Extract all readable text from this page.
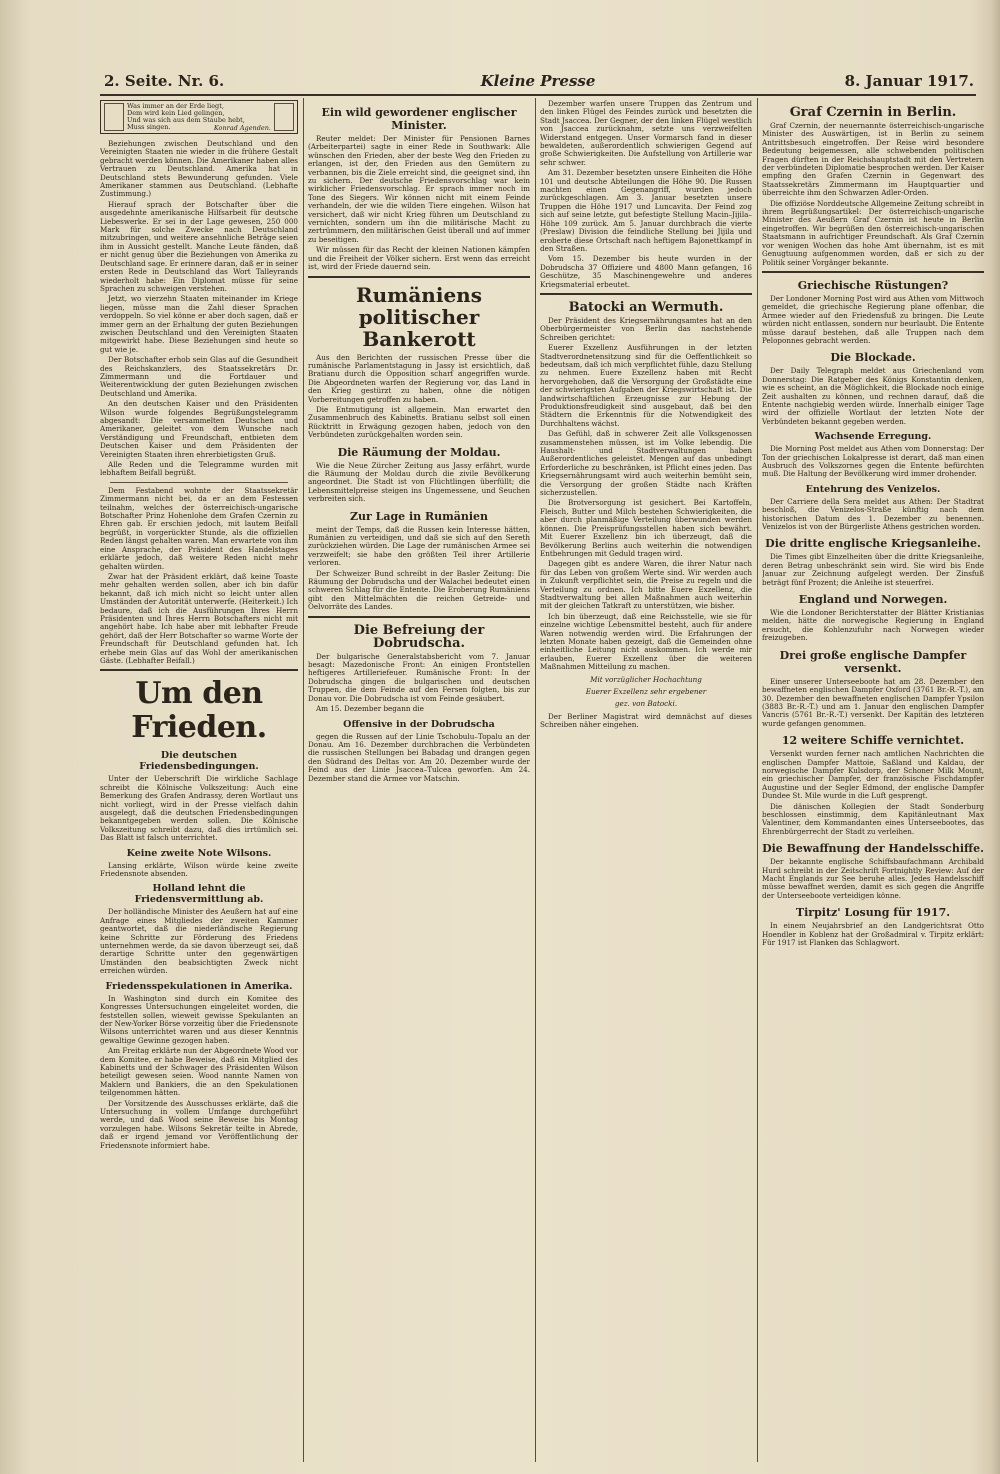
2. Seite. Nr. 6.	Kleine Presse	8. Januar 1917.
Was immer an der Erde liegt,
Dem wird kein Lied gelingen,
Und was sich aus dem Staube hebt,
Muss singen.	Konrad Agenden.

Beziehungen zwischen Deutschland und den Vereinigten Staaten nie wieder in die frühere Gestalt gebracht werden können. Die Amerikaner haben alles Vertrauen zu Deutschland. Amerika hat in Deutschland stets Bewunderung gefunden. Viele Amerikaner stammen aus Deutschland. (Lebhafte Zustimmung.)

Hierauf sprach der Botschafter über die ausgedehnte amerikanische Hilfsarbeit für deutsche Liebeswerke. Er sei in der Lage gewesen, 250 000 Mark für solche Zwecke nach Deutschland mitzubringen, und weitere ansehnliche Beträge seien ihm in Aussicht gestellt. Manche Leute fänden, daß er nicht genug über die Beziehungen von Amerika zu Deutschland sage. Er erinnere daran, daß er in seiner ersten Rede in Deutschland das Wort Talleyrands wiederholt habe: Ein Diplomat müsse für seine Sprachen zu schweigen verstehen.

Jetzt, wo vierzehn Staaten miteinander im Kriege liegen, müsse man die Zahl dieser Sprachen verdoppeln. So viel könne er aber doch sagen, daß er immer gern an der Erhaltung der guten Beziehungen zwischen Deutschland und den Vereinigten Staaten mitgewirkt habe. Diese Beziehungen sind heute so gut wie je.

Der Botschafter erhob sein Glas auf die Gesundheit des Reichskanzlers, des Staatssekretärs Dr. Zimmermann und die Fortdauer und Weiterentwicklung der guten Beziehungen zwischen Deutschland und Amerika.

An den deutschen Kaiser und den Präsidenten Wilson wurde folgendes Begrüßungstelegramm abgesandt: Die versammelten Deutschen und Amerikaner, geleitet von dem Wunsche nach Verständigung und Freundschaft, entbieten dem Deutschen Kaiser und dem Präsidenten der Vereinigten Staaten ihren ehrerbietigsten Gruß.

Alle Reden und die Telegramme wurden mit lebhaftem Beifall begrüßt.

Dem Festabend wohnte der Staatssekretär Zimmermann nicht bei, da er an dem Festessen teilnahm, welches der österreichisch-ungarische Botschafter Prinz Hohenlohe dem Grafen Czernin zu Ehren gab. Er erschien jedoch, mit lautem Beifall begrüßt, in vorgerückter Stunde, als die offiziellen Reden längst gehalten waren. Man erwartete von ihm eine Ansprache, der Präsident des Handelstages erklärte jedoch, daß weitere Reden nicht mehr gehalten würden.

Zwar hat der Präsident erklärt, daß keine Toaste mehr gehalten werden sollen, aber ich bin dafür bekannt, daß ich mich nicht so leicht unter allen Umständen der Autorität unterwerfe. (Heiterkeit.) Ich bedaure, daß ich die Ausführungen Ihres Herrn Präsidenten und Ihres Herrn Botschafters nicht mit angehört habe. Ich habe aber mit lebhafter Freude gehört, daß der Herr Botschafter so warme Worte der Freundschaft für Deutschland gefunden hat. Ich erhebe mein Glas auf das Wohl der amerikanischen Gäste. (Lebhafter Beifall.)

Um den Frieden.
Die deutschen Friedensbedingungen.

Unter der Ueberschrift Die wirkliche Sachlage schreibt die Kölnische Volkszeitung: Auch eine Bemerkung des Grafen Andrassy, deren Wortlaut uns nicht vorliegt, wird in der Presse vielfach dahin ausgelegt, daß die deutschen Friedensbedingungen bekanntgegeben werden sollen. Die Kölnische Volkszeitung schreibt dazu, daß dies irrtümlich sei. Das Blatt ist falsch unterrichtet.

Keine zweite Note Wilsons.

Lansing erklärte, Wilson würde keine zweite Friedensnote absenden.

Holland lehnt die Friedensvermittlung ab.

Der holländische Minister des Aeußern hat auf eine Anfrage eines Mitgliedes der zweiten Kammer geantwortet, daß die niederländische Regierung keine Schritte zur Förderung des Friedens unternehmen werde, da sie davon überzeugt sei, daß derartige Schritte unter den gegenwärtigen Umständen den beabsichtigten Zweck nicht erreichen würden.

Friedensspekulationen in Amerika.

In Washington sind durch ein Komitee des Kongresses Untersuchungen eingeleitet worden, die feststellen sollen, wieweit gewisse Spekulanten an der New-Yorker Börse vorzeitig über die Friedensnote Wilsons unterrichtet waren und aus dieser Kenntnis gewaltige Gewinne gezogen haben.

Am Freitag erklärte nun der Abgeordnete Wood vor dem Komitee, er habe Beweise, daß ein Mitglied des Kabinetts und der Schwager des Präsidenten Wilson beteiligt gewesen seien. Wood nannte Namen von Maklern und Bankiers, die an den Spekulationen teilgenommen hätten.

Der Vorsitzende des Ausschusses erklärte, daß die Untersuchung in vollem Umfange durchgeführt werde, und daß Wood seine Beweise bis Montag vorzulegen habe. Wilsons Sekretär teilte in Abrede, daß er irgend jemand vor Veröffentlichung der Friedensnote informiert habe.

Ein wild gewordener englischer Minister.

Reuter meldet: Der Minister für Pensionen Barnes (Arbeiterpartei) sagte in einer Rede in Southwark: Alle wünschen den Frieden, aber der beste Weg den Frieden zu erlangen, ist der, den Frieden aus den Gemütern zu verbannen, bis die Ziele erreicht sind, die geeignet sind, ihn zu sichern. Der deutsche Friedensvorschlag war kein wirklicher Friedensvorschlag. Er sprach immer noch im Tone des Siegers. Wir können nicht mit einem Feinde verhandeln, der wie die wilden Tiere eingehen. Wilson hat versichert, daß wir nicht Krieg führen um Deutschland zu vernichten, sondern um ihn die militärische Macht zu zertrümmern, den militärischen Geist überall und auf immer zu beseitigen.

Wir müssen für das Recht der kleinen Nationen kämpfen und die Freiheit der Völker sichern. Erst wenn das erreicht ist, wird der Friede dauernd sein.

Rumäniens politischer Bankerott

Aus den Berichten der russischen Presse über die rumänische Parlamentstagung in Jassy ist ersichtlich, daß Bratianu durch die Opposition scharf angegriffen wurde. Die Abgeordneten warfen der Regierung vor, das Land in den Krieg gestürzt zu haben, ohne die nötigen Vorbereitungen getroffen zu haben.

Die Entmutigung ist allgemein. Man erwartet den Zusammenbruch des Kabinetts. Bratianu selbst soll einen Rücktritt in Erwägung gezogen haben, jedoch von den Verbündeten zurückgehalten worden sein.

Die Räumung der Moldau.

Wie die Neue Zürcher Zeitung aus Jassy erfährt, wurde die Räumung der Moldau durch die zivile Bevölkerung angeordnet. Die Stadt ist von Flüchtlingen überfüllt; die Lebensmittelpreise steigen ins Ungemessene, und Seuchen verbreiten sich.

Zur Lage in Rumänien

meint der Temps, daß die Russen kein Interesse hätten, Rumänien zu verteidigen, und daß sie sich auf den Sereth zurückziehen würden. Die Lage der rumänischen Armee sei verzweifelt; sie habe den größten Teil ihrer Artillerie verloren.

Der Schweizer Bund schreibt in der Basler Zeitung: Die Räumung der Dobrudscha und der Walachei bedeutet einen schweren Schlag für die Entente. Die Eroberung Rumäniens gibt den Mittelmächten die reichen Getreide- und Oelvorräte des Landes.

Die Befreiung der Dobrudscha.

Der bulgarische Generalstabsbericht vom 7. Januar besagt: Mazedonische Front: An einigen Frontstellen heftigeres Artilleriefeuer. Rumänische Front: In der Dobrudscha gingen die bulgarischen und deutschen Truppen, die dem Feinde auf den Fersen folgten, bis zur Donau vor. Die Dobrudscha ist vom Feinde gesäubert.

Am 15. Dezember begann die

Offensive in der Dobrudscha

gegen die Russen auf der Linie Tschobulu–Topalu an der Donau. Am 16. Dezember durchbrachen die Verbündeten die russischen Stellungen bei Babadag und drangen gegen den Südrand des Deltas vor. Am 20. Dezember wurde der Feind aus der Linie Jsaccea–Tulcea geworfen. Am 24. Dezember stand die Armee vor Matschin.

Dezember warfen unsere Truppen das Zentrum und den linken Flügel des Feindes zurück und besetzten die Stadt Jsaccea. Der Gegner, der den linken Flügel westlich von Jsaccea zurücknahm, setzte uns verzweifelten Widerstand entgegen. Unser Vormarsch fand in dieser bewaldeten, außerordentlich schwierigen Gegend auf große Schwierigkeiten. Die Aufstellung von Artillerie war sehr schwer.

Am 31. Dezember besetzten unsere Einheiten die Höhe 101 und deutsche Abteilungen die Höhe 90. Die Russen machten einen Gegenangriff, wurden jedoch zurückgeschlagen. Am 3. Januar besetzten unsere Truppen die Höhe 1917 und Luncavita. Der Feind zog sich auf seine letzte, gut befestigte Stellung Macin–Jijila–Höhe 109 zurück. Am 5. Januar durchbrach die vierte (Preslaw) Division die feindliche Stellung bei Jijila und eroberte diese Ortschaft nach heftigem Bajonettkampf in den Straßen.

Vom 15. Dezember bis heute wurden in der Dobrudscha 37 Offiziere und 4800 Mann gefangen, 16 Geschütze, 35 Maschinengewehre und anderes Kriegsmaterial erbeutet.

Batocki an Wermuth.

Der Präsident des Kriegsernährungsamtes hat an den Oberbürgermeister von Berlin das nachstehende Schreiben gerichtet:

Euerer Exzellenz Ausführungen in der letzten Stadtverordnetensitzung sind für die Oeffentlichkeit so bedeutsam, daß ich mich verpflichtet fühle, dazu Stellung zu nehmen. Euere Exzellenz haben mit Recht hervorgehoben, daß die Versorgung der Großstädte eine der schwierigsten Aufgaben der Kriegswirtschaft ist. Die landwirtschaftlichen Erzeugnisse zur Hebung der Produktionsfreudigkeit sind ausgebaut, daß bei den Städtern die Erkenntnis für die Notwendigkeit des Durchhaltens wächst.

Das Gefühl, daß in schwerer Zeit alle Volksgenossen zusammenstehen müssen, ist im Volke lebendig. Die Haushalt- und Stadtverwaltungen haben Außerordentliches geleistet. Mengen auf das unbedingt Erforderliche zu beschränken, ist Pflicht eines jeden. Das Kriegsernährungsamt wird auch weiterhin bemüht sein, die Versorgung der großen Städte nach Kräften sicherzustellen.

Die Brotversorgung ist gesichert. Bei Kartoffeln, Fleisch, Butter und Milch bestehen Schwierigkeiten, die aber durch planmäßige Verteilung überwunden werden können. Die Preisprüfungsstellen haben sich bewährt. Mit Euerer Exzellenz bin ich überzeugt, daß die Bevölkerung Berlins auch weiterhin die notwendigen Entbehrungen mit Geduld tragen wird.

Dagegen gibt es andere Waren, die ihrer Natur nach für das Leben von großem Werte sind. Wir werden auch in Zukunft verpflichtet sein, die Preise zu regeln und die Verteilung zu ordnen. Ich bitte Euere Exzellenz, die Stadtverwaltung bei allen Maßnahmen auch weiterhin mit der gleichen Tatkraft zu unterstützen, wie bisher.

Ich bin überzeugt, daß eine Reichsstelle, wie sie für einzelne wichtige Lebensmittel besteht, auch für andere Waren notwendig werden wird. Die Erfahrungen der letzten Monate haben gezeigt, daß die Gemeinden ohne einheitliche Leitung nicht auskommen. Ich werde mir erlauben, Euerer Exzellenz über die weiteren Maßnahmen Mitteilung zu machen.

Mit vorzüglicher Hochachtung
Euerer Exzellenz sehr ergebener
gez. von Batocki.

Der Berliner Magistrat wird demnächst auf dieses Schreiben näher eingehen.

Graf Czernin in Berlin.

Graf Czernin, der neuernannte österreichisch-ungarische Minister des Auswärtigen, ist in Berlin zu seinem Antrittsbesuch eingetroffen. Der Reise wird besondere Bedeutung beigemessen, alle schwebenden politischen Fragen dürften in der Reichshauptstadt mit den Vertretern der verbündeten Diplomatie besprochen werden. Der Kaiser empfing den Grafen Czernin in Gegenwart des Staatssekretärs Zimmermann im Hauptquartier und überreichte ihm den Schwarzen Adler-Orden.

Die offiziöse Norddeutsche Allgemeine Zeitung schreibt in ihrem Begrüßungsartikel: Der österreichisch-ungarische Minister des Aeußern Graf Czernin ist heute in Berlin eingetroffen. Wir begrüßen den österreichisch-ungarischen Staatsmann in aufrichtiger Freundschaft. Als Graf Czernin vor wenigen Wochen das hohe Amt übernahm, ist es mit Genugtuung aufgenommen worden, daß er sich zu der Politik seiner Vorgänger bekannte.

Griechische Rüstungen?

Der Londoner Morning Post wird aus Athen vom Mittwoch gemeldet, die griechische Regierung plane offenbar, die Armee wieder auf den Friedensfuß zu bringen. Die Leute würden nicht entlassen, sondern nur beurlaubt. Die Entente müsse darauf bestehen, daß alle Truppen nach dem Peloponnes gebracht werden.

Die Blockade.

Der Daily Telegraph meldet aus Griechenland vom Donnerstag: Die Ratgeber des Königs Konstantin denken, wie es scheint, an die Möglichkeit, die Blockade noch einige Zeit aushalten zu können, und rechnen darauf, daß die Entente nachgiebig werden würde. Innerhalb einiger Tage wird der offizielle Wortlaut der letzten Note der Verbündeten bekannt gegeben werden.

Wachsende Erregung.

Die Morning Post meldet aus Athen vom Donnerstag: Der Ton der griechischen Lokalpresse ist derart, daß man einen Ausbruch des Volkszornes gegen die Entente befürchten muß. Die Haltung der Bevölkerung wird immer drohender.

Entehrung des Venizelos.

Der Carriere della Sera meldet aus Athen: Der Stadtrat beschloß, die Venizelos-Straße künftig nach dem historischen Datum des 1. Dezember zu benennen. Venizelos ist von der Bürgerliste Athens gestrichen worden.

Die dritte englische Kriegsanleihe.

Die Times gibt Einzelheiten über die dritte Kriegsanleihe, deren Betrag unbeschränkt sein wird. Sie wird bis Ende Januar zur Zeichnung aufgelegt werden. Der Zinsfuß beträgt fünf Prozent; die Anleihe ist steuerfrei.

England und Norwegen.

Wie die Londoner Berichterstatter der Blätter Kristianias melden, hätte die norwegische Regierung in England ersucht, die Kohlenzufuhr nach Norwegen wieder freizugeben.

Drei große englische Dampfer versenkt.

Einer unserer Unterseeboote hat am 28. Dezember den bewaffneten englischen Dampfer Oxford (3761 Br.-R.-T.), am 30. Dezember den bewaffneten englischen Dampfer Ypsilon (3883 Br.-R.-T.) und am 1. Januar den englischen Dampfer Vancris (5761 Br.-R.-T.) versenkt. Der Kapitän des letzteren wurde gefangen genommen.

12 weitere Schiffe vernichtet.

Versenkt wurden ferner nach amtlichen Nachrichten die englischen Dampfer Mattoie, Saßland und Kaldau, der norwegische Dampfer Kulsdorp, der Schoner Milk Mount, ein griechischer Dampfer, der französische Fischdampfer Augustine und der Segler Edmond, der englische Dampfer Dundee St. Mile wurde in die Luft gesprengt.

Die dänischen Kollegien der Stadt Sonderburg beschlossen einstimmig, dem Kapitänleutnant Max Valentiner, dem Kommandanten eines Unterseebootes, das Ehrenbürgerrecht der Stadt zu verleihen.

Die Bewaffnung der Handelsschiffe.

Der bekannte englische Schiffsbaufachmann Archibald Hurd schreibt in der Zeitschrift Fortnightly Review: Auf der Macht Englands zur See beruhe alles. Jedes Handelsschiff müsse bewaffnet werden, damit es sich gegen die Angriffe der Unterseeboote verteidigen könne.

Tirpitz' Losung für 1917.

In einem Neujahrsbrief an den Landgerichtsrat Otto Hoendler in Koblenz hat der Großadmiral v. Tirpitz erklärt: Für 1917 ist Flanken das Schlagwort.
